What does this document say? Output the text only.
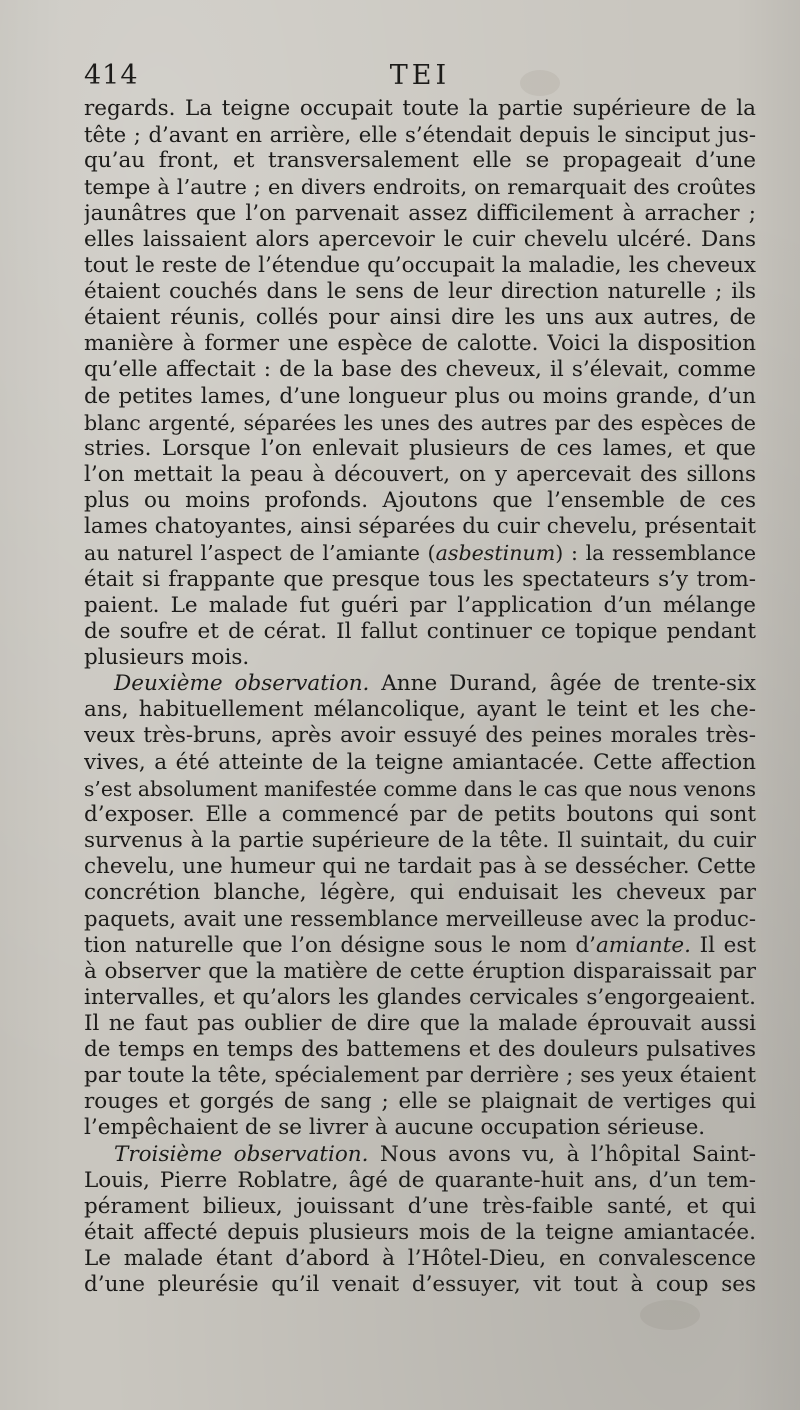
414	TEI
regards. La teigne occupait toute la partie supérieure de la
tête ; d’avant en arrière, elle s’étendait depuis le sinciput jus-
qu’au front, et transversalement elle se propageait d’une
tempe à l’autre ; en divers endroits, on remarquait des croûtes
jaunâtres que l’on parvenait assez difficilement à arracher ;
elles laissaient alors apercevoir le cuir chevelu ulcéré. Dans
tout le reste de l’étendue qu’occupait la maladie, les cheveux
étaient couchés dans le sens de leur direction naturelle ; ils
étaient réunis, collés pour ainsi dire les uns aux autres, de
manière à former une espèce de calotte. Voici la disposition
qu’elle affectait : de la base des cheveux, il s’élevait, comme
de petites lames, d’une longueur plus ou moins grande, d’un
blanc argenté, séparées les unes des autres par des espèces de
stries. Lorsque l’on enlevait plusieurs de ces lames, et que
l’on mettait la peau à découvert, on y apercevait des sillons
plus ou moins profonds. Ajoutons que l’ensemble de ces
lames chatoyantes, ainsi séparées du cuir chevelu, présentait
au naturel l’aspect de l’amiante (asbestinum) : la ressemblance
était si frappante que presque tous les spectateurs s’y trom-
paient. Le malade fut guéri par l’application d’un mélange
de soufre et de cérat. Il fallut continuer ce topique pendant
plusieurs mois.
Deuxième observation. Anne Durand, âgée de trente-six
ans, habituellement mélancolique, ayant le teint et les che-
veux très-bruns, après avoir essuyé des peines morales très-
vives, a été atteinte de la teigne amiantacée. Cette affection
s’est absolument manifestée comme dans le cas que nous venons
d’exposer. Elle a commencé par de petits boutons qui sont
survenus à la partie supérieure de la tête. Il suintait, du cuir
chevelu, une humeur qui ne tardait pas à se dessécher. Cette
concrétion blanche, légère, qui enduisait les cheveux par
paquets, avait une ressemblance merveilleuse avec la produc-
tion naturelle que l’on désigne sous le nom d’amiante. Il est
à observer que la matière de cette éruption disparaissait par
intervalles, et qu’alors les glandes cervicales s’engorgeaient.
Il ne faut pas oublier de dire que la malade éprouvait aussi
de temps en temps des battemens et des douleurs pulsatives
par toute la tête, spécialement par derrière ; ses yeux étaient
rouges et gorgés de sang ; elle se plaignait de vertiges qui
l’empêchaient de se livrer à aucune occupation sérieuse.
Troisième observation. Nous avons vu, à l’hôpital Saint-
Louis, Pierre Roblatre, âgé de quarante-huit ans, d’un tem-
pérament bilieux, jouissant d’une très-faible santé, et qui
était affecté depuis plusieurs mois de la teigne amiantacée.
Le malade étant d’abord à l’Hôtel-Dieu, en convalescence
d’une pleurésie qu’il venait d’essuyer, vit tout à coup ses
